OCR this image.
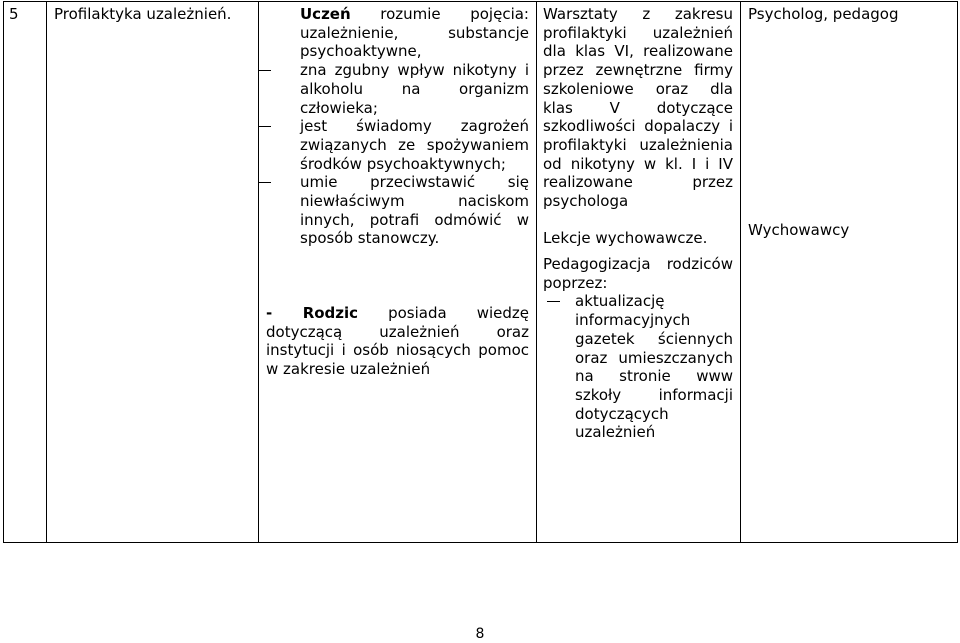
5 Profilaktyka uzależnień.	Uczeń rozumie pojęcia: uzależnienie, substancje psychoaktywne,
zna zgubny wpływ nikotyny i alkoholu na organizm człowieka;
jest świadomy zagrożeń związanych ze spożywaniem środków psychoaktywnych;
umie przeciwstawić się niewłaściwym naciskom innych, potrafi odmówić w sposób stanowczy.
- Rodzic posiada wiedzę dotyczącą uzależnień oraz instytucji i osób niosących pomoc w zakresie uzależnień
Warsztaty z zakresu profilaktyki uzależnień dla klas VI, realizowane przez zewnętrzne firmy szkoleniowe oraz dla klas V dotyczące szkodliwości dopalaczy i profilaktyki uzależnienia od nikotyny w kl. I i IV realizowane przez psychologa
Lekcje wychowawcze.
Pedagogizacja rodziców poprzez:
aktualizację informacyjnych gazetek ściennych oraz umieszczanych na stronie www szkoły informacji dotyczących uzależnień
Psycholog, pedagog
Wychowawcy
8
